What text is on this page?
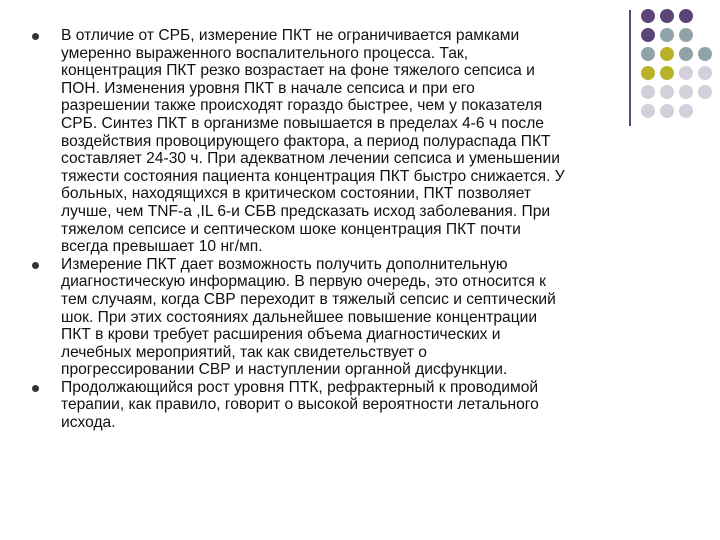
В отличие от СРБ, измерение ПКТ не ограничивается рамками
умеренно выраженного воспалительного процесса. Так,
концентрация ПКТ резко возрастает на фоне тяжелого сепсиса и
ПОН. Изменения уровня ПКТ в начале сепсиса и при его
разрешении также происходят гораздо быстрее, чем у показателя
СРБ. Синтез ПКТ в организме повышается в пределах 4-6 ч после
воздействия провоцирующего фактора, а период полураспада ПКТ
составляет 24-30 ч. При адекватном лечении сепсиса и уменьшении
тяжести состояния пациента концентрация ПКТ быстро снижается. У
больных, находящихся в критическом состоянии, ПКТ позволяет
лучше, чем TNF-a ,IL 6-и СБВ предсказать исход заболевания. При
тяжелом сепсисе и септическом шоке концентрация ПКТ почти
всегда превышает 10 нг/мп.
Измерение ПКТ дает возможность получить дополнительную
диагностическую информацию. В первую очередь, это относится к
тем случаям, когда СВР переходит в тяжелый сепсис и септический
шок. При этих состояниях дальнейшее повышение концентрации
ПКТ в крови требует расширения объема диагностических и
лечебных мероприятий, так как свидетельствует о
прогрессировании СВР и наступлении органной дисфункции.
Продолжающийся рост уровня ПТК, рефрактерный к проводимой
терапии, как правило, говорит о высокой вероятности летального
исхода.
